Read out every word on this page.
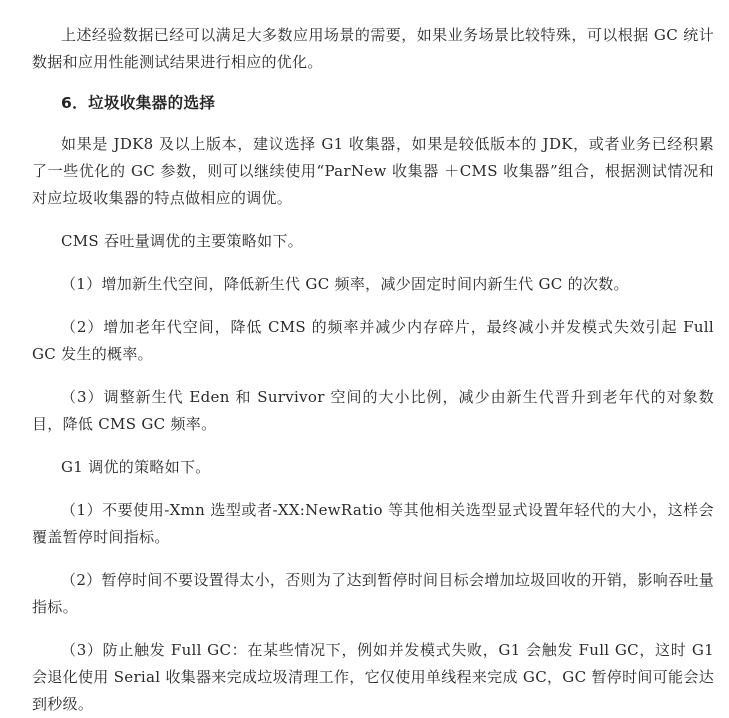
上述经验数据已经可以满足大多数应用场景的需要，如果业务场景比较特殊，可以根据 GC 统计数据和应用性能测试结果进行相应的优化。

6．垃圾收集器的选择

如果是 JDK8 及以上版本，建议选择 G1 收集器，如果是较低版本的 JDK，或者业务已经积累了一些优化的 GC 参数，则可以继续使用“ParNew 收集器 ＋CMS 收集器”组合，根据测试情况和对应垃圾收集器的特点做相应的调优。

CMS 吞吐量调优的主要策略如下。

（1）增加新生代空间，降低新生代 GC 频率，减少固定时间内新生代 GC 的次数。

（2）增加老年代空间，降低 CMS 的频率并减少内存碎片，最终减小并发模式失效引起 Full GC 发生的概率。

（3）调整新生代 Eden 和 Survivor 空间的大小比例，减少由新生代晋升到老年代的对象数目，降低 CMS GC 频率。

G1 调优的策略如下。

（1）不要使用-Xmn 选型或者-XX:NewRatio 等其他相关选型显式设置年轻代的大小，这样会覆盖暂停时间指标。

（2）暂停时间不要设置得太小，否则为了达到暂停时间目标会增加垃圾回收的开销，影响吞吐量指标。

（3）防止触发 Full GC：在某些情况下，例如并发模式失败，G1 会触发 Full GC，这时 G1 会退化使用 Serial 收集器来完成垃圾清理工作，它仅使用单线程来完成 GC，GC 暂停时间可能会达到秒级。
